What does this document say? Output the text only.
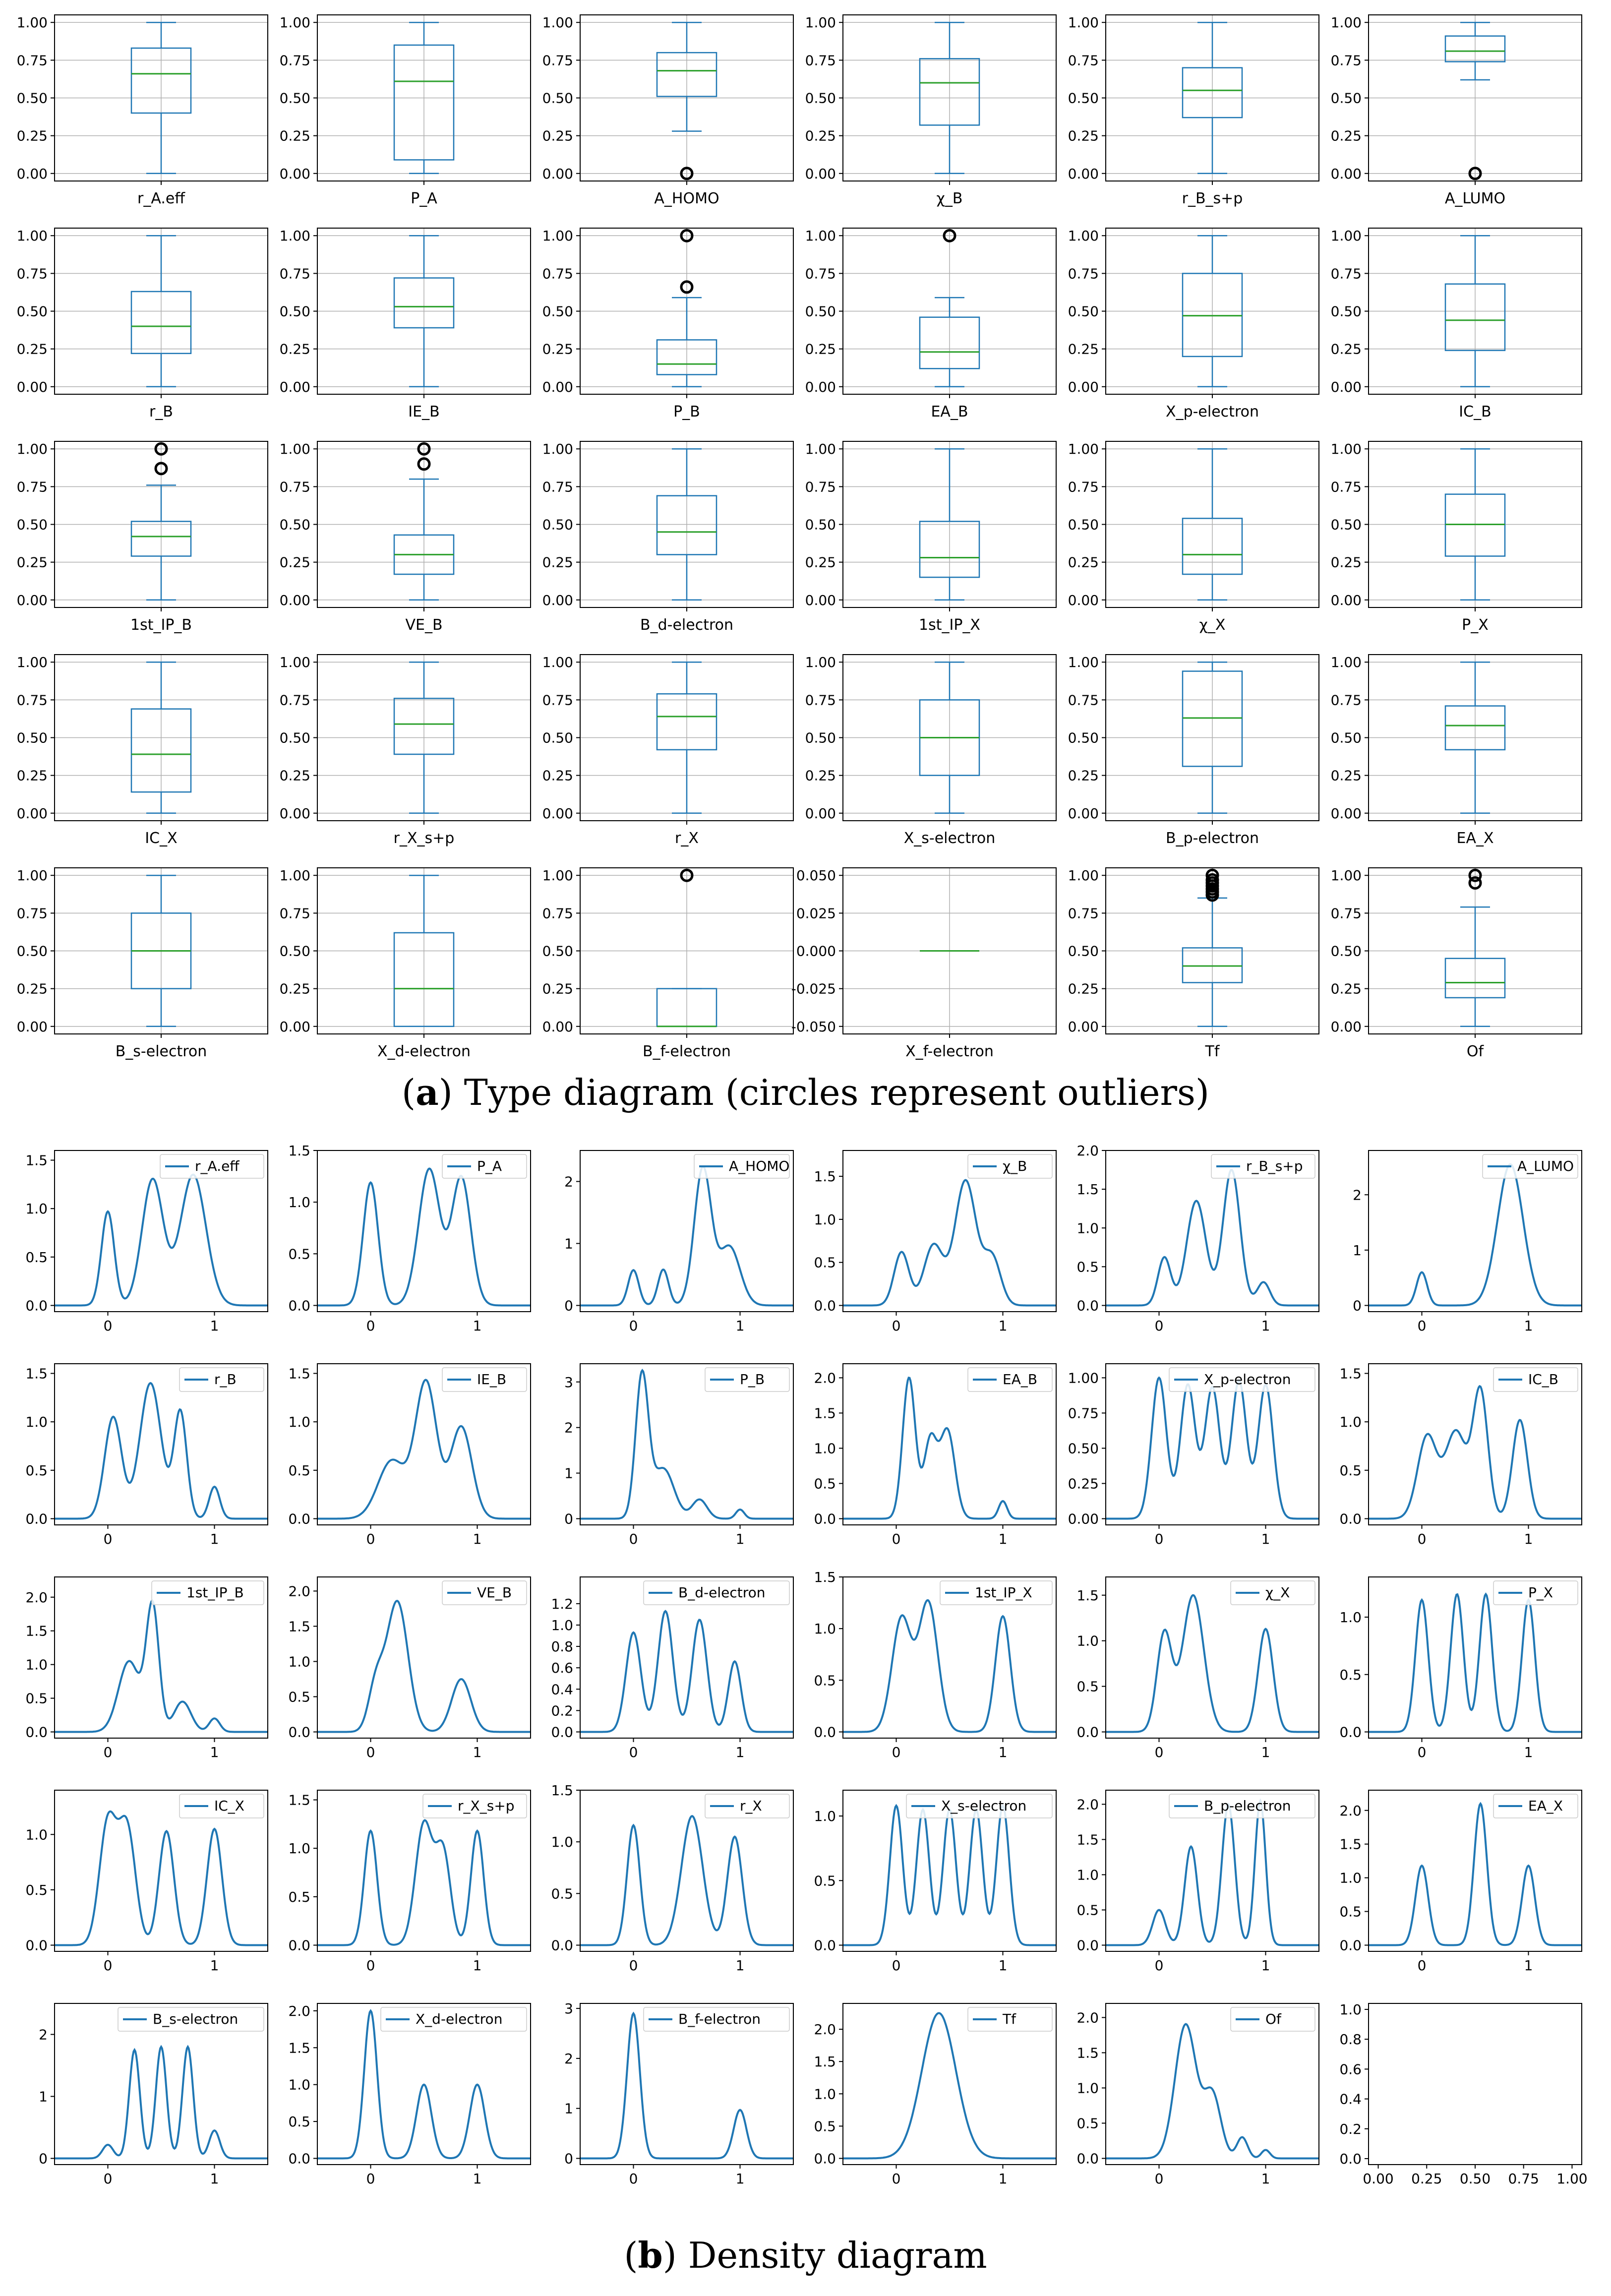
0.00
0.25
0.50
0.75
1.00
r_A.eff
0.00
0.25
0.50
0.75
1.00
P_A
0.00
0.25
0.50
0.75
1.00
A_HOMO
0.00
0.25
0.50
0.75
1.00
χ_B
0.00
0.25
0.50
0.75
1.00
r_B_s+p
0.00
0.25
0.50
0.75
1.00
A_LUMO
0.00
0.25
0.50
0.75
1.00
r_B
0.00
0.25
0.50
0.75
1.00
IE_B
0.00
0.25
0.50
0.75
1.00
P_B
0.00
0.25
0.50
0.75
1.00
EA_B
0.00
0.25
0.50
0.75
1.00
X_p-electron
0.00
0.25
0.50
0.75
1.00
IC_B
0.00
0.25
0.50
0.75
1.00
1st_IP_B
0.00
0.25
0.50
0.75
1.00
VE_B
0.00
0.25
0.50
0.75
1.00
B_d-electron
0.00
0.25
0.50
0.75
1.00
1st_IP_X
0.00
0.25
0.50
0.75
1.00
χ_X
0.00
0.25
0.50
0.75
1.00
P_X
0.00
0.25
0.50
0.75
1.00
IC_X
0.00
0.25
0.50
0.75
1.00
r_X_s+p
0.00
0.25
0.50
0.75
1.00
r_X
0.00
0.25
0.50
0.75
1.00
X_s-electron
0.00
0.25
0.50
0.75
1.00
B_p-electron
0.00
0.25
0.50
0.75
1.00
EA_X
0.00
0.25
0.50
0.75
1.00
B_s-electron
0.00
0.25
0.50
0.75
1.00
X_d-electron
0.00
0.25
0.50
0.75
1.00
B_f-electron
-0.050
-0.025
0.000
0.025
0.050
X_f-electron
0.00
0.25
0.50
0.75
1.00
Tf
0.00
0.25
0.50
0.75
1.00
Of
0.0
0.5
1.0
1.5
0	1
r_A.eff
0.0
0.5
1.0
1.5
0	1
P_A
0
1
2
0	1
A_HOMO
0.0
0.5
1.0
1.5
0	1
χ_B
0.0
0.5
1.0
1.5
2.0
0	1
r_B_s+p
0
1
2
0	1
A_LUMO
0.0
0.5
1.0
1.5
0	1
r_B
0.0
0.5
1.0
1.5
0	1
IE_B
0
1
2
3
0	1
P_B
0.0
0.5
1.0
1.5
2.0
0	1
EA_B
0.00
0.25
0.50
0.75
1.00
0	1
X_p-electron
0.0
0.5
1.0
1.5
0	1
IC_B
0.0
0.5
1.0
1.5
2.0
0	1
1st_IP_B
0.0
0.5
1.0
1.5
2.0
0	1
VE_B
0.0
0.2
0.4
0.6
0.8
1.0
1.2
0	1
B_d-electron
0.0
0.5
1.0
1.5
0	1
1st_IP_X
0.0
0.5
1.0
1.5
0	1
χ_X
0.0
0.5
1.0
0	1
P_X
0.0
0.5
1.0
0	1
IC_X
0.0
0.5
1.0
1.5
0	1
r_X_s+p
0.0
0.5
1.0
1.5
0	1
r_X
0.0
0.5
1.0
0	1
X_s-electron
0.0
0.5
1.0
1.5
2.0
0	1
B_p-electron
0.0
0.5
1.0
1.5
2.0
0	1
EA_X
0
1
2
0	1
B_s-electron
0.0
0.5
1.0
1.5
2.0
0	1
X_d-electron
0
1
2
3
0	1
B_f-electron
0.0
0.5
1.0
1.5
2.0
0	1
Tf
0.0
0.5
1.0
1.5
2.0
0	1
Of
0.0
0.2
0.4
0.6
0.8
1.0
0.00 0.25 0.50 0.75 1.00
(a) Type diagram (circles represent outliers)
(b) Density diagram
